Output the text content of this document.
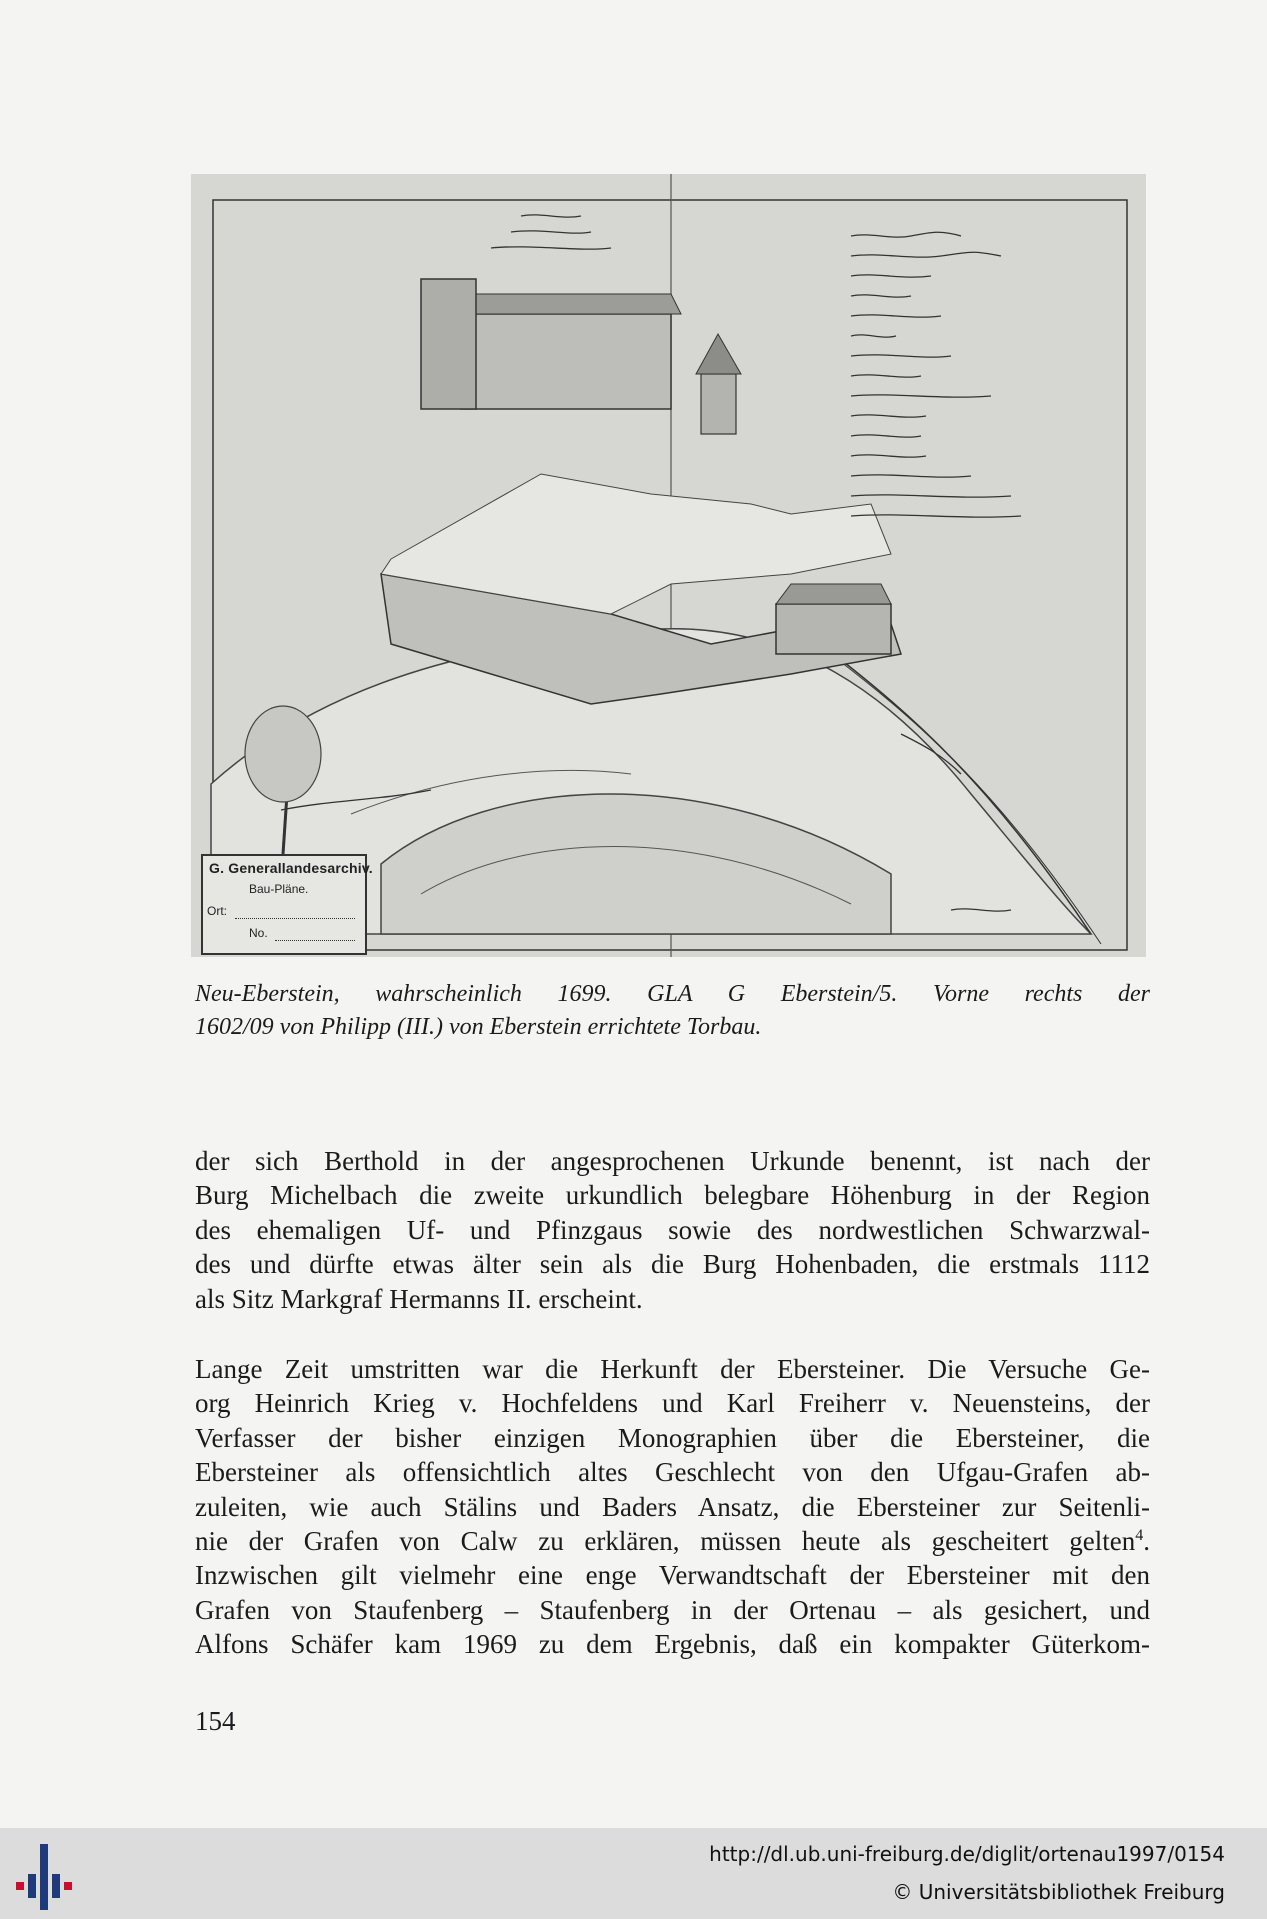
G. Generallandesarchiv.
Bau-Pläne.
Ort:
No.
Neu-Eberstein, wahrscheinlich 1699. GLA G Eberstein/5. Vorne rechts der
1602/09 von Philipp (III.) von Eberstein errichtete Torbau.
der sich Berthold in der angesprochenen Urkunde benennt, ist nach der
Burg Michelbach die zweite urkundlich belegbare Höhenburg in der Region
des ehemaligen Uf- und Pfinzgaus sowie des nordwestlichen Schwarzwal-
des und dürfte etwas älter sein als die Burg Hohenbaden, die erstmals 1112
als Sitz Markgraf Hermanns II. erscheint.
Lange Zeit umstritten war die Herkunft der Ebersteiner. Die Versuche Ge-
org Heinrich Krieg v. Hochfeldens und Karl Freiherr v. Neuensteins, der
Verfasser der bisher einzigen Monographien über die Ebersteiner, die
Ebersteiner als offensichtlich altes Geschlecht von den Ufgau-Grafen ab-
zuleiten, wie auch Stälins und Baders Ansatz, die Ebersteiner zur Seitenli-
nie der Grafen von Calw zu erklären, müssen heute als gescheitert gelten$^4$.
Inzwischen gilt vielmehr eine enge Verwandtschaft der Ebersteiner mit den
Grafen von Staufenberg – Staufenberg in der Ortenau – als gesichert, und
Alfons Schäfer kam 1969 zu dem Ergebnis, daß ein kompakter Güterkom-
154
http://dl.ub.uni-freiburg.de/diglit/ortenau1997/0154
© Universitätsbibliothek Freiburg
